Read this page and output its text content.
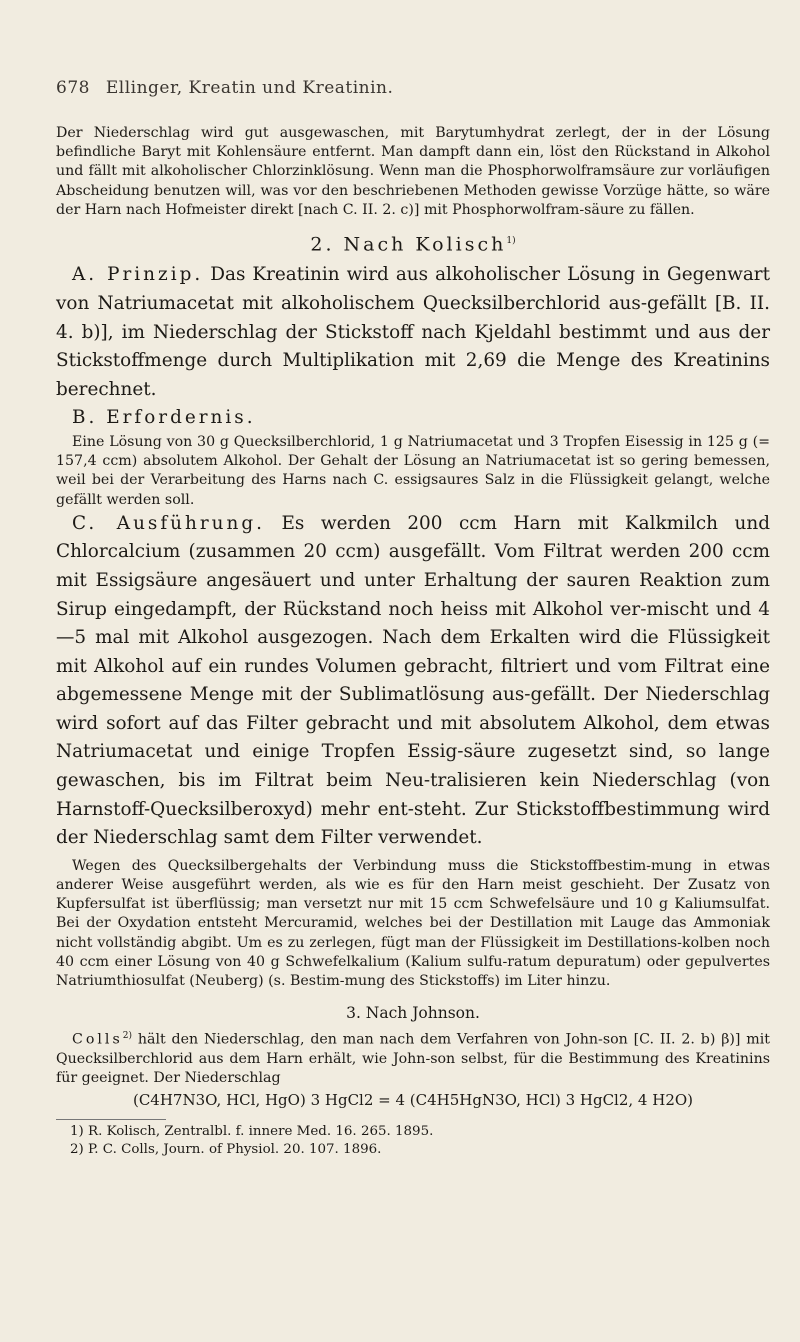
678 Ellinger, Kreatin und Kreatinin.

Der Niederschlag wird gut ausgewaschen, mit Barytumhydrat zerlegt, der in der Lösung befindliche Baryt mit Kohlensäure entfernt. Man dampft dann ein, löst den Rückstand in Alkohol und fällt mit alkoholischer Chlorzinklösung. Wenn man die Phosphorwolframsäure zur vorläufigen Abscheidung benutzen will, was vor den beschriebenen Methoden gewisse Vorzüge hätte, so wäre der Harn nach Hofmeister direkt [nach C. II. 2. c)] mit Phosphorwolfram-säure zu fällen.

2. Nach Kolisch$^{1)}$

A. Prinzip. Das Kreatinin wird aus alkoholischer Lösung in Gegenwart von Natriumacetat mit alkoholischem Quecksilberchlorid aus-gefällt [B. II. 4. b)], im Niederschlag der Stickstoff nach Kjeldahl bestimmt und aus der Stickstoffmenge durch Multiplikation mit 2,69 die Menge des Kreatinins berechnet.

B. Erfordernis.

Eine Lösung von 30 g Quecksilberchlorid, 1 g Natriumacetat und 3 Tropfen Eisessig in 125 g (= 157,4 ccm) absolutem Alkohol. Der Gehalt der Lösung an Natriumacetat ist so gering bemessen, weil bei der Verarbeitung des Harns nach C. essigsaures Salz in die Flüssigkeit gelangt, welche gefällt werden soll.

C. Ausführung. Es werden 200 ccm Harn mit Kalkmilch und Chlorcalcium (zusammen 20 ccm) ausgefällt. Vom Filtrat werden 200 ccm mit Essigsäure angesäuert und unter Erhaltung der sauren Reaktion zum Sirup eingedampft, der Rückstand noch heiss mit Alkohol ver-mischt und 4—5 mal mit Alkohol ausgezogen. Nach dem Erkalten wird die Flüssigkeit mit Alkohol auf ein rundes Volumen gebracht, filtriert und vom Filtrat eine abgemessene Menge mit der Sublimatlösung aus-gefällt. Der Niederschlag wird sofort auf das Filter gebracht und mit absolutem Alkohol, dem etwas Natriumacetat und einige Tropfen Essig-säure zugesetzt sind, so lange gewaschen, bis im Filtrat beim Neu-tralisieren kein Niederschlag (von Harnstoff-Quecksilberoxyd) mehr ent-steht. Zur Stickstoffbestimmung wird der Niederschlag samt dem Filter verwendet.

Wegen des Quecksilbergehalts der Verbindung muss die Stickstoffbestim-mung in etwas anderer Weise ausgeführt werden, als wie es für den Harn meist geschieht. Der Zusatz von Kupfersulfat ist überflüssig; man versetzt nur mit 15 ccm Schwefelsäure und 10 g Kaliumsulfat. Bei der Oxydation entsteht Mercuramid, welches bei der Destillation mit Lauge das Ammoniak nicht vollständig abgibt. Um es zu zerlegen, fügt man der Flüssigkeit im Destillations-kolben noch 40 ccm einer Lösung von 40 g Schwefelkalium (Kalium sulfu-ratum depuratum) oder gepulvertes Natriumthiosulfat (Neuberg) (s. Bestim-mung des Stickstoffs) im Liter hinzu.

3. Nach Johnson.

Colls$^{2)}$ hält den Niederschlag, den man nach dem Verfahren von John-son [C. II. 2. b) β)] mit Quecksilberchlorid aus dem Harn erhält, wie John-son selbst, für die Bestimmung des Kreatinins für geeignet. Der Niederschlag

(C4H7N3O, HCl, HgO) 3 HgCl2 = 4 (C4H5HgN3O, HCl) 3 HgCl2, 4 H2O)

1) R. Kolisch, Zentralbl. f. innere Med. 16. 265. 1895.

2) P. C. Colls, Journ. of Physiol. 20. 107. 1896.
